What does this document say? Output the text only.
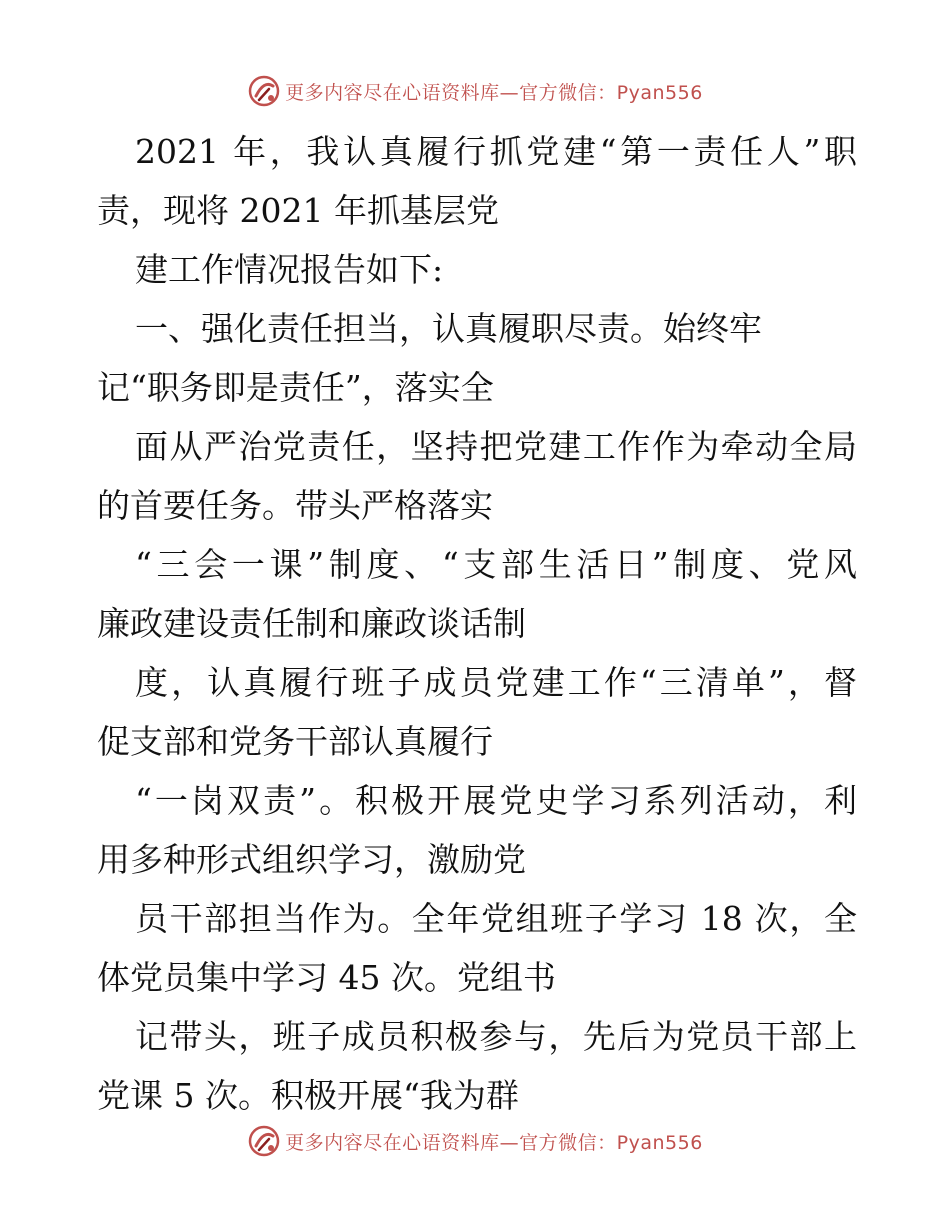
更多内容尽在心语资料库—官方微信：Pyan556
2021 年，我认真履行抓党建“第一责任人”职
责，现将 2021 年抓基层党
建工作情况报告如下:
一、强化责任担当，认真履职尽责。始终牢
记“职务即是责任”，落实全
面从严治党责任，坚持把党建工作作为牵动全局
的首要任务。带头严格落实
“三会一课”制度、“支部生活日”制度、党风
廉政建设责任制和廉政谈话制
度，认真履行班子成员党建工作“三清单”，督
促支部和党务干部认真履行
“一岗双责”。积极开展党史学习系列活动，利
用多种形式组织学习，激励党
员干部担当作为。全年党组班子学习 18 次，全
体党员集中学习 45 次。党组书
记带头，班子成员积极参与，先后为党员干部上
党课 5 次。积极开展“我为群
更多内容尽在心语资料库—官方微信：Pyan556
